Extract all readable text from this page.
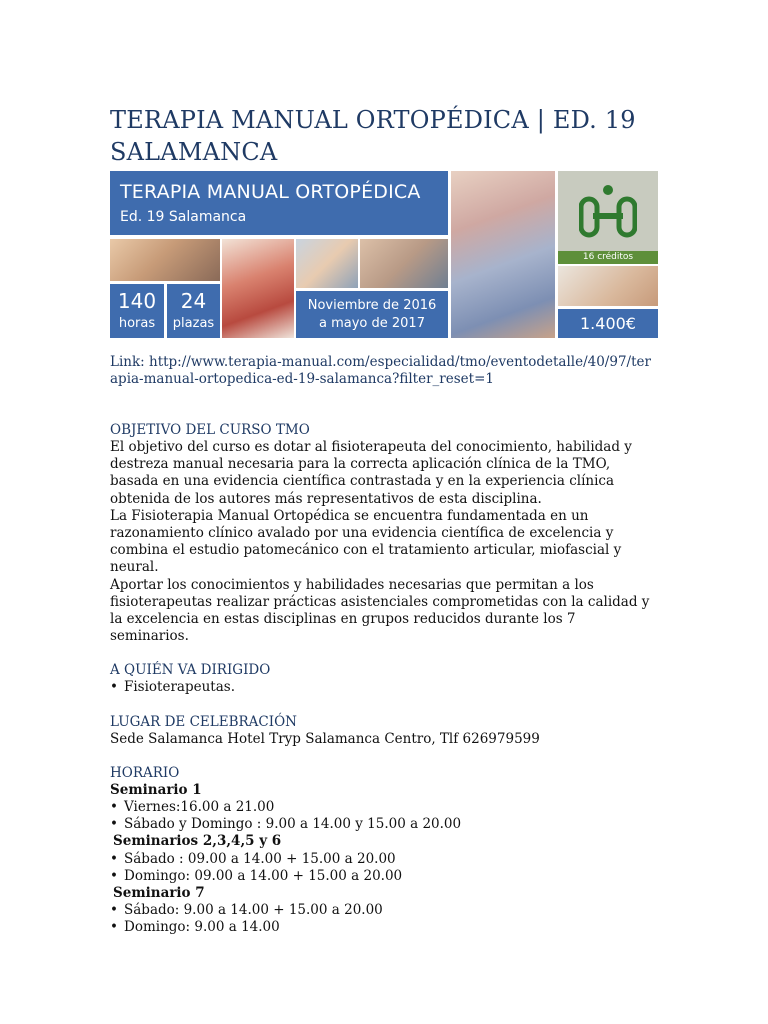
TERAPIA MANUAL ORTOPÉDICA | ED. 19 SALAMANCA
TERAPIA MANUAL ORTOPÉDICA
Ed. 19 Salamanca
140
horas
24
plazas
Noviembre de 2016
a mayo de 2017
16 créditos
1.400€

Link: http://www.terapia-manual.com/especialidad/tmo/eventodetalle/40/97/terapia-manual-ortopedica-ed-19-salamanca?filter_reset=1

OBJETIVO DEL CURSO TMO

El objetivo del curso es dotar al fisioterapeuta del conocimiento, habilidad y destreza manual necesaria para la correcta aplicación clínica de la TMO, basada en una evidencia científica contrastada y en la experiencia clínica obtenida de los autores más representativos de esta disciplina.

La Fisioterapia Manual Ortopédica se encuentra fundamentada en un razonamiento clínico avalado por una evidencia científica de excelencia y combina el estudio patomecánico con el tratamiento articular, miofascial y neural.

Aportar los conocimientos y habilidades necesarias que permitan a los fisioterapeutas realizar prácticas asistenciales comprometidas con la calidad y la excelencia en estas disciplinas en grupos reducidos durante los 7 seminarios.

A QUIÉN VA DIRIGIDO
• Fisioterapeutas.
LUGAR DE CELEBRACIÓN

Sede Salamanca Hotel Tryp Salamanca Centro, Tlf 626979599

HORARIO
Seminario 1
• Viernes:16.00 a 21.00
• Sábado y Domingo : 9.00 a 14.00 y 15.00 a 20.00
Seminarios 2,3,4,5 y 6
• Sábado : 09.00 a 14.00 + 15.00 a 20.00
• Domingo: 09.00 a 14.00 + 15.00 a 20.00
Seminario 7
• Sábado: 9.00 a 14.00 + 15.00 a 20.00
• Domingo: 9.00 a 14.00
